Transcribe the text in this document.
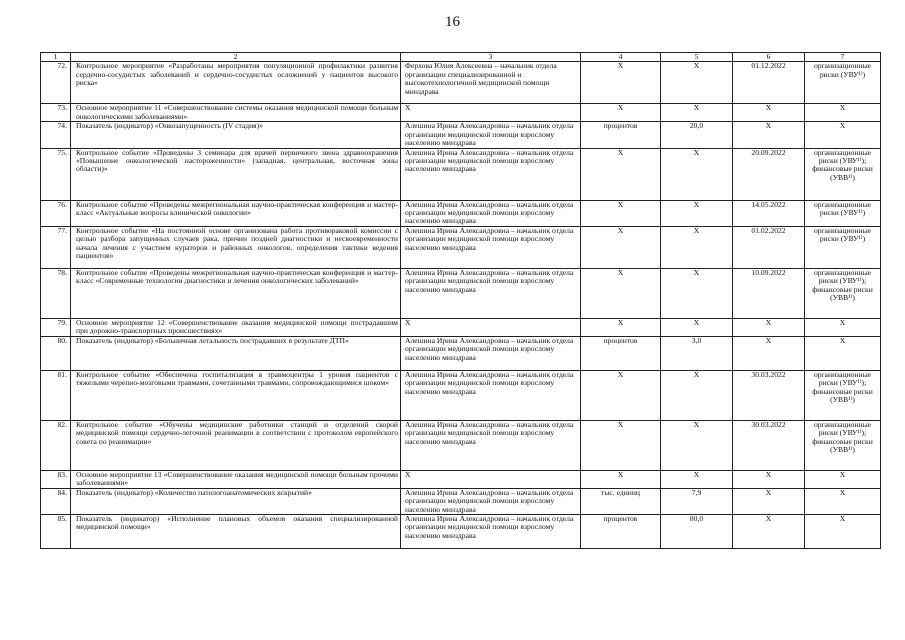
16
1	2	3	4	5	6	7
72.	Контрольное мероприятие «Разработаны мероприятия популяционной профилактики развития сердечно-сосудистых заболеваний и сердечно-сосудистых осложнений у пациентов высокого риска»	Ферхова Юлия Алексеевна – начальник отдела организации специализированной и высокотехнологичной медицинской помощи минздрава	X	X	01.12.2022	организационные риски (УВУ¹⁾)
73.	Основное мероприятие 11 «Совершенствование системы оказания медицинской помощи больным онкологическими заболеваниями»	X	X	X	X	X
74.	Показатель (индикатор) «Онкозапущенность (IV стадия)»	Алешина Ирина Александровна – начальник отдела организации медицинской помощи взрослому населению минздрава	процентов	20,0	X	X
75.	Контрольное событие «Проведены 3 семинара для врачей первичного звена здравоохранения «Повышение онкологической настороженности» (западная, центральная, восточная зоны области)»	Алешина Ирина Александровна – начальник отдела организации медицинской помощи взрослому населению минздрава	X	X	20.09.2022	организационные риски (УВУ¹⁾); финансовые риски (УВВ¹⁾)
76.	Контрольное событие «Проведены межрегиональная научно-практическая конференция и мастер-класс «Актуальные вопросы клинической онкологии»	Алешина Ирина Александровна – начальник отдела организации медицинской помощи взрослому населению минздрава	X	X	14.05.2022	организационные риски (УВУ¹⁾)
77.	Контрольное событие «На постоянной основе организована работа противораковой комиссии с целью разбора запущенных случаев рака, причин поздней диагностики и несвоевременности начала лечения с участием кураторов и районных онкологов, определения тактики ведения пациентов»	Алешина Ирина Александровна – начальник отдела организации медицинской помощи взрослому населению минздрава	X	X	01.02.2022	организационные риски (УВУ¹⁾)
78.	Контрольное событие «Проведены межрегиональная научно-практическая конференция и мастер-класс «Современные технологии диагностики и лечения онкологических заболеваний»	Алешина Ирина Александровна – начальник отдела организации медицинской помощи взрослому населению минздрава	X	X	10.09.2022	организационные риски (УВУ¹⁾); финансовые риски (УВВ¹⁾)
79.	Основное мероприятие 12 «Совершенствование оказания медицинской помощи пострадавшим при дорожно-транспортных происшествиях»	X	X	X	X	X
80.	Показатель (индикатор) «Больничная летальность пострадавших в результате ДТП»	Алешина Ирина Александровна – начальник отдела организации медицинской помощи взрослому населению минздрава	процентов	3,0	X	X
81.	Контрольное событие «Обеспечена госпитализация в травмоцентры 1 уровня пациентов с тяжелыми черепно-мозговыми травмами, сочетанными травмами, сопровождающимися шоком»	Алешина Ирина Александровна – начальник отдела организации медицинской помощи взрослому населению минздрава	X	X	30.03.2022	организационные риски (УВУ¹⁾); финансовые риски (УВВ¹⁾)
82.	Контрольное событие «Обучены медицинские работники станций и отделений скорой медицинской помощи сердечно-легочной реанимации в соответствии с протоколом европейского совета по реанимации»	Алешина Ирина Александровна – начальник отдела организации медицинской помощи взрослому населению минздрава	X	X	30.03.2022	организационные риски (УВУ¹⁾); финансовые риски (УВВ¹⁾)
83.	Основное мероприятие 13 «Совершенствование оказания медицинской помощи больным прочими заболеваниями»	X	X	X	X	X
84.	Показатель (индикатор) «Количество патологоанатомических вскрытий»	Алешина Ирина Александровна – начальник отдела организации медицинской помощи взрослому населению минздрава	тыс. единиц	7,9	X	X
85.	Показатель (индикатор) «Исполнение плановых объемов оказания специализированной медицинской помощи»	Алешина Ирина Александровна – начальник отдела организации медицинской помощи взрослому населению минздрава	процентов	80,0	X	X
